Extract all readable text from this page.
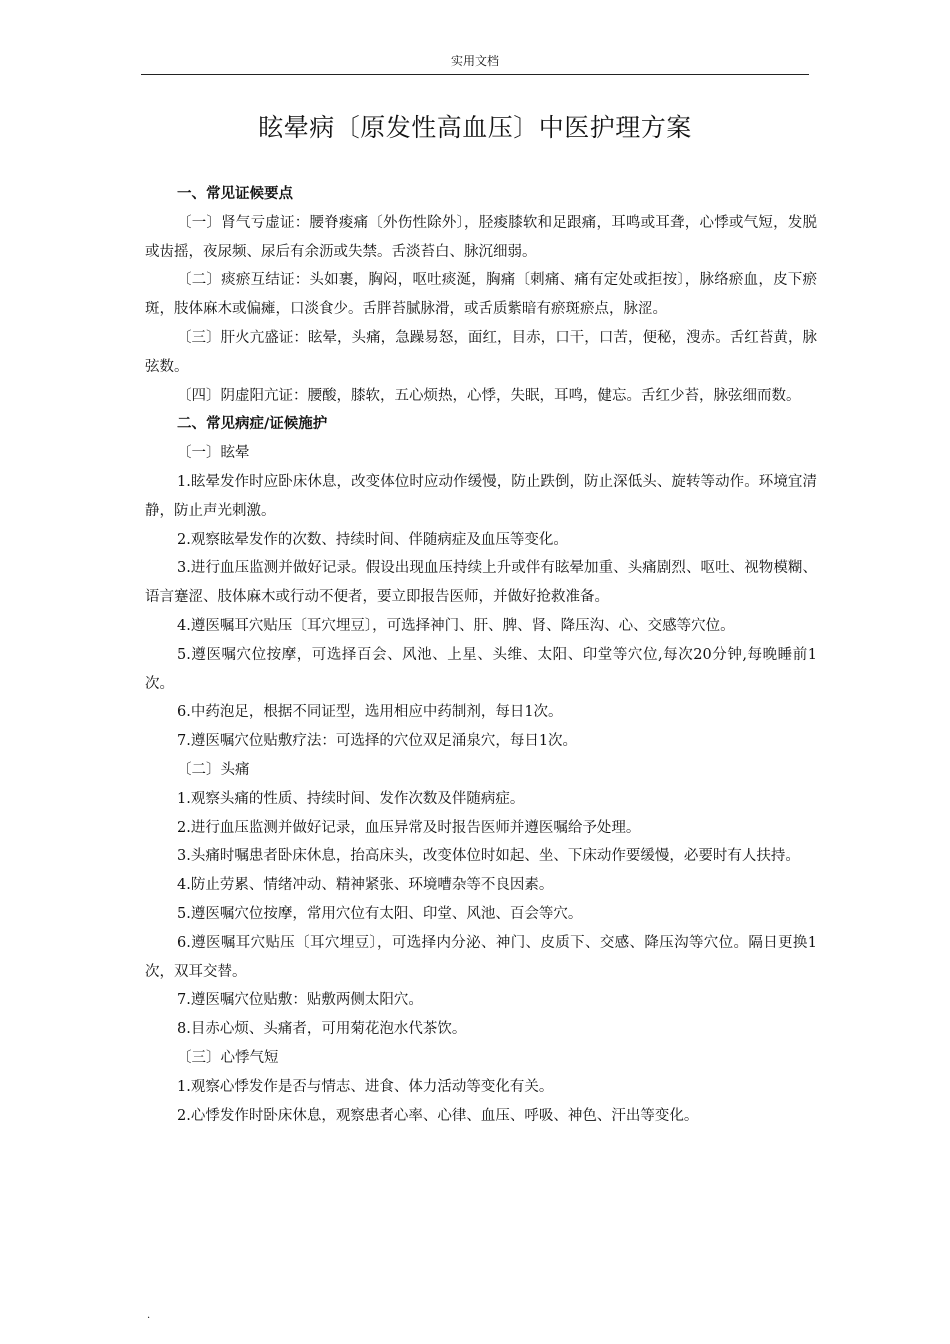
实用文档
眩晕病〔原发性高血压〕中医护理方案
一、常见证候要点

〔一〕肾气亏虚证：腰脊痠痛〔外伤性除外〕，胫痠膝软和足跟痛，耳鸣或耳聋，心悸或气短，发脱或齿摇，夜尿频、尿后有余沥或失禁。舌淡苔白、脉沉细弱。

〔二〕痰瘀互结证：头如裹，胸闷，呕吐痰涎，胸痛〔刺痛、痛有定处或拒按〕，脉络瘀血，皮下瘀斑，肢体麻木或偏瘫，口淡食少。舌胖苔腻脉滑，或舌质紫暗有瘀斑瘀点，脉涩。

〔三〕肝火亢盛证：眩晕，头痛，急躁易怒，面红，目赤，口干，口苦，便秘，溲赤。舌红苔黄，脉弦数。

〔四〕阴虚阳亢证：腰酸，膝软，五心烦热，心悸，失眠，耳鸣，健忘。舌红少苔，脉弦细而数。

二、常见病症/证候施护

〔一〕眩晕

1.眩晕发作时应卧床休息，改变体位时应动作缓慢，防止跌倒，防止深低头、旋转等动作。环境宜清静，防止声光刺激。

2.观察眩晕发作的次数、持续时间、伴随病症及血压等变化。

3.进行血压监测并做好记录。假设出现血压持续上升或伴有眩晕加重、头痛剧烈、呕吐、视物模糊、语言蹇涩、肢体麻木或行动不便者，要立即报告医师，并做好抢救准备。

4.遵医嘱耳穴贴压〔耳穴埋豆〕，可选择神门、肝、脾、肾、降压沟、心、交感等穴位。

5.遵医嘱穴位按摩，可选择百会、风池、上星、头维、太阳、印堂等穴位,每次20分钟,每晚睡前1次。

6.中药泡足，根据不同证型，选用相应中药制剂，每日1次。

7.遵医嘱穴位贴敷疗法：可选择的穴位双足涌泉穴，每日1次。

〔二〕头痛

1.观察头痛的性质、持续时间、发作次数及伴随病症。

2.进行血压监测并做好记录，血压异常及时报告医师并遵医嘱给予处理。

3.头痛时嘱患者卧床休息，抬高床头，改变体位时如起、坐、下床动作要缓慢，必要时有人扶持。

4.防止劳累、情绪冲动、精神紧张、环境嘈杂等不良因素。

5.遵医嘱穴位按摩，常用穴位有太阳、印堂、风池、百会等穴。

6.遵医嘱耳穴贴压〔耳穴埋豆〕，可选择内分泌、神门、皮质下、交感、降压沟等穴位。隔日更换1次，双耳交替。

7.遵医嘱穴位贴敷：贴敷两侧太阳穴。

8.目赤心烦、头痛者，可用菊花泡水代茶饮。

〔三〕心悸气短

1.观察心悸发作是否与情志、进食、体力活动等变化有关。

2.心悸发作时卧床休息，观察患者心率、心律、血压、呼吸、神色、汗出等变化。

.
